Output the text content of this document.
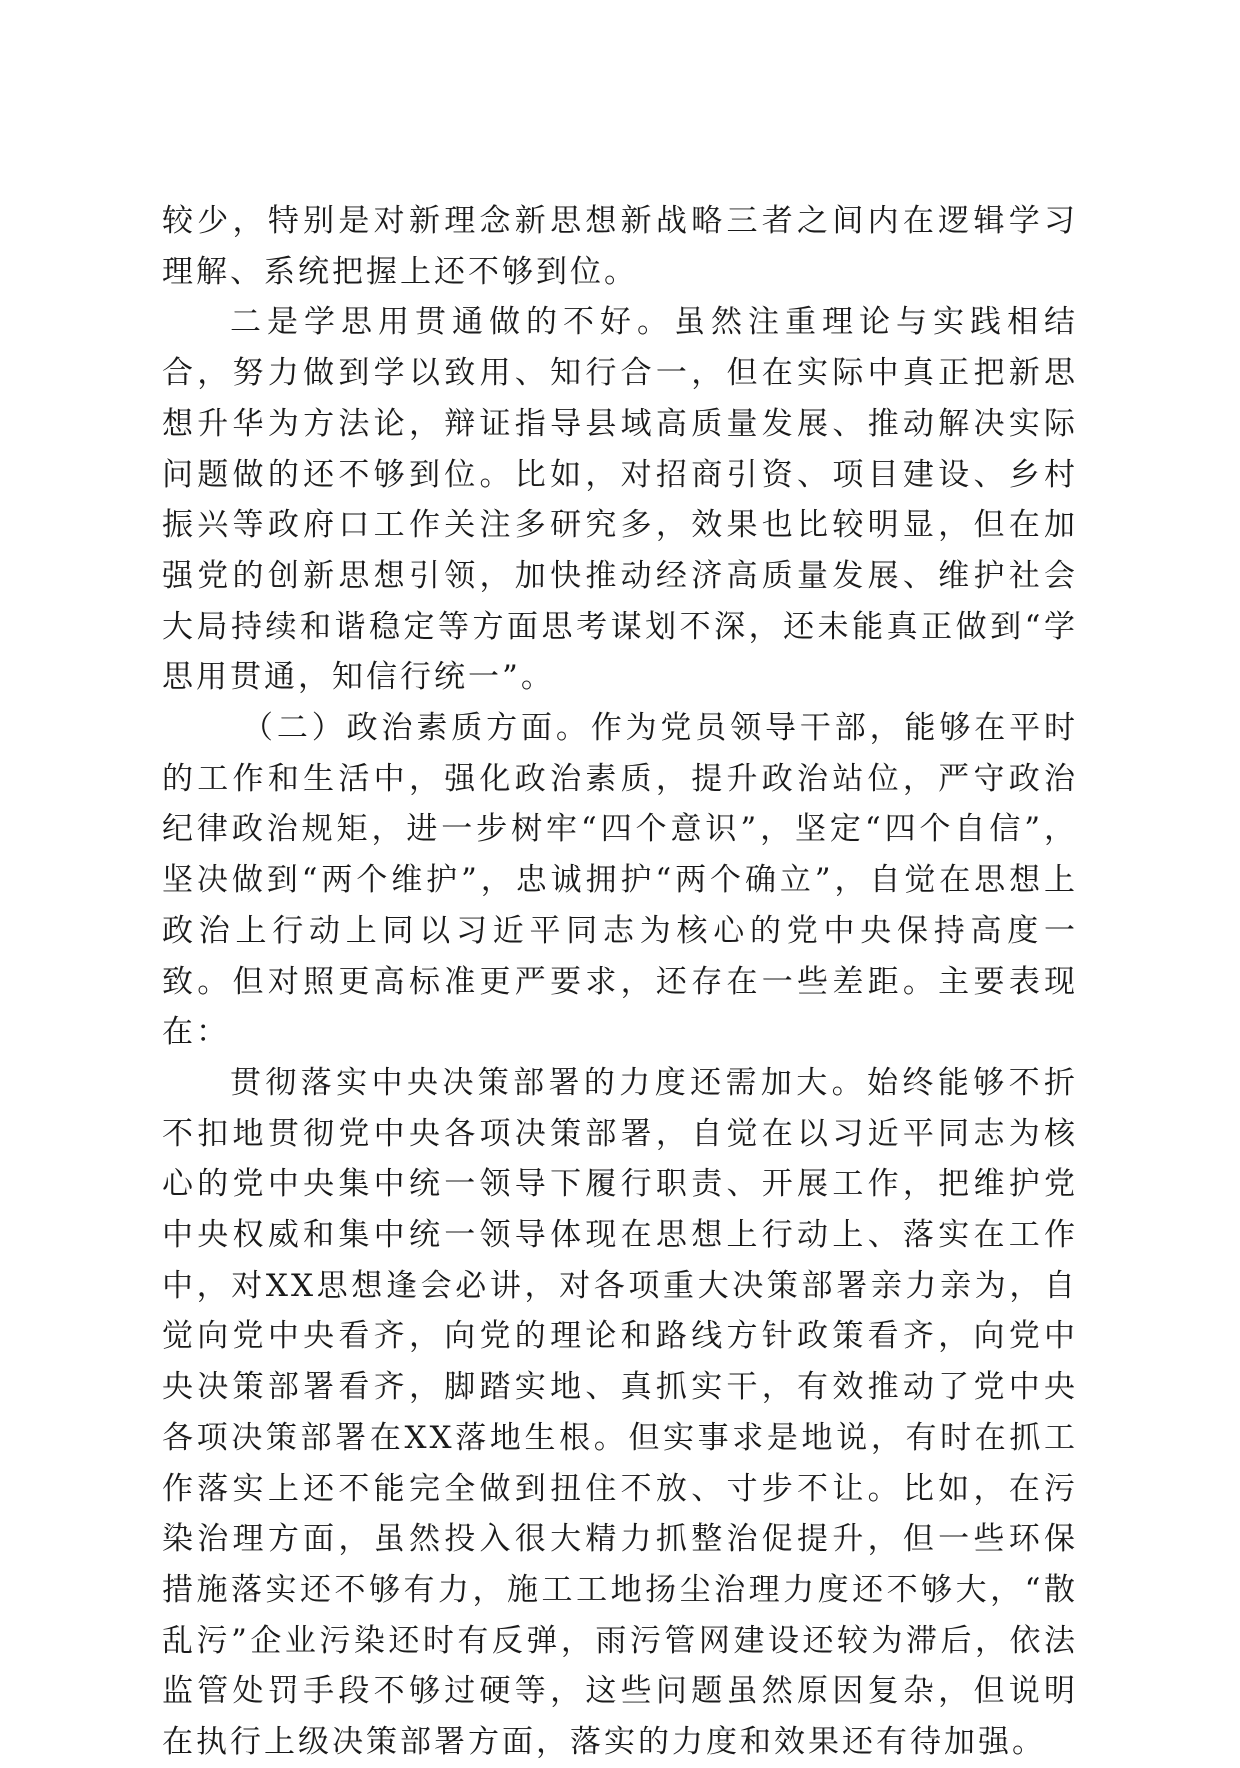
较少，特别是对新理念新思想新战略三者之间内在逻辑学习理解、系统把握上还不够到位。

二是学思用贯通做的不好。虽然注重理论与实践相结合，努力做到学以致用、知行合一，但在实际中真正把新思想升华为方法论，辩证指导县域高质量发展、推动解决实际问题做的还不够到位。比如，对招商引资、项目建设、乡村振兴等政府口工作关注多研究多，效果也比较明显，但在加强党的创新思想引领，加快推动经济高质量发展、维护社会大局持续和谐稳定等方面思考谋划不深，还未能真正做到“学思用贯通，知信行统一”。

（二）政治素质方面。作为党员领导干部，能够在平时的工作和生活中，强化政治素质，提升政治站位，严守政治纪律政治规矩，进一步树牢“四个意识”，坚定“四个自信”，坚决做到“两个维护”，忠诚拥护“两个确立”，自觉在思想上政治上行动上同以习近平同志为核心的党中央保持高度一致。但对照更高标准更严要求，还存在一些差距。主要表现在：

贯彻落实中央决策部署的力度还需加大。始终能够不折不扣地贯彻党中央各项决策部署，自觉在以习近平同志为核心的党中央集中统一领导下履行职责、开展工作，把维护党中央权威和集中统一领导体现在思想上行动上、落实在工作中，对XX思想逢会必讲，对各项重大决策部署亲力亲为，自觉向党中央看齐，向党的理论和路线方针政策看齐，向党中央决策部署看齐，脚踏实地、真抓实干，有效推动了党中央各项决策部署在XX落地生根。但实事求是地说，有时在抓工作落实上还不能完全做到扭住不放、寸步不让。比如，在污染治理方面，虽然投入很大精力抓整治促提升，但一些环保措施落实还不够有力，施工工地扬尘治理力度还不够大，“散乱污”企业污染还时有反弹，雨污管网建设还较为滞后，依法监管处罚手段不够过硬等，这些问题虽然原因复杂，但说明在执行上级决策部署方面，落实的力度和效果还有待加强。
